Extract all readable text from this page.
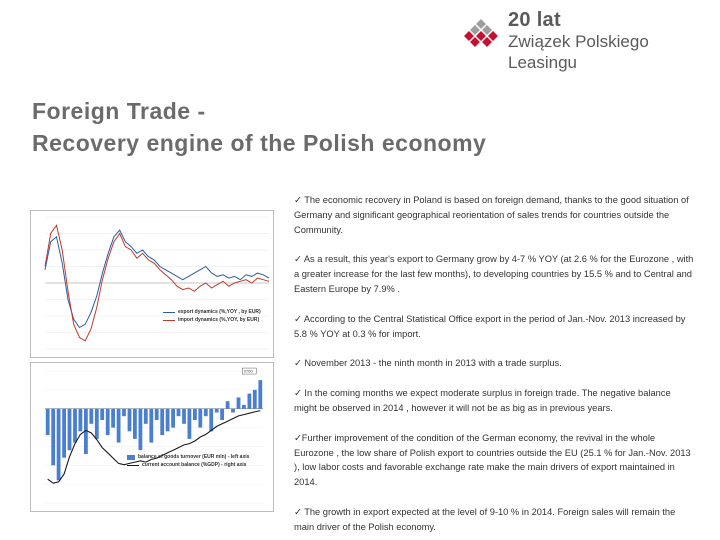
20 lat
Związek Polskiego
Leasingu
Foreign Trade -
Recovery engine of the Polish economy
export dynamics (%,YOY , by EUR)
import dynamics (%,YOY, by EUR)
0760
balance of goods turnover (EUR mln) - left axis
current account balance (%GDP) - right axis

✓ The economic recovery in Poland is based on foreign demand, thanks to the good situation of Germany and significant geographical reorientation of sales trends for countries outside the Community.

✓ As a result, this year's export to Germany grow by 4-7 % YOY (at 2.6 % for the Eurozone , with a greater increase for the last few months), to developing countries by 15.5 % and to Central and Eastern Europe by 7.9% .

✓ According to the Central Statistical Office export in the period of Jan.-Nov. 2013 increased by 5.8 % YOY at 0.3 % for import.

✓ November 2013 - the ninth month in 2013 with a trade surplus.

✓ In the coming months we expect moderate surplus in foreign trade. The negative balance might be observed in 2014 , however it will not be as big as in previous years.

✓Further improvement of the condition of the German economy, the revival in the whole Eurozone , the low share of Polish export to countries outside the EU (25.1 % for Jan.-Nov. 2013 ), low labor costs and favorable exchange rate make the main drivers of export maintained in 2014.

✓ The growth in export expected at the level of 9-10 % in 2014. Foreign sales will remain the main driver of the Polish economy.
